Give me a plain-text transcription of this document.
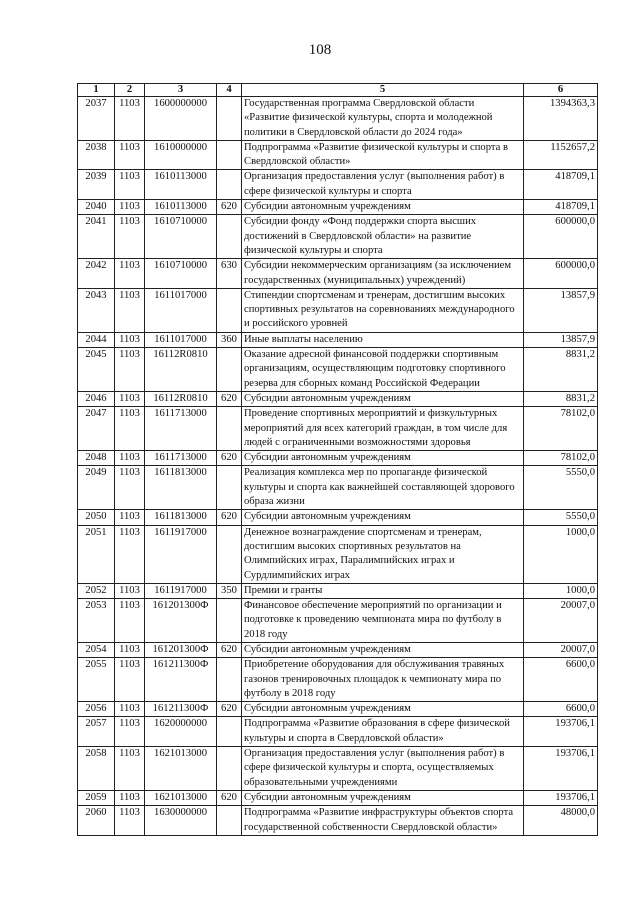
108
1	2	3	4	5	6
2037	1103	1600000000		Государственная программа Свердловской области «Развитие физической культуры, спорта и молодежной политики в Свердловской области до 2024 года»	1394363,3
2038	1103	1610000000		Подпрограмма «Развитие физической культуры и спорта в Свердловской области»	1152657,2
2039	1103	1610113000		Организация предоставления услуг (выполнения работ) в сфере физической культуры и спорта	418709,1
2040	1103	1610113000	620	Субсидии автономным учреждениям	418709,1
2041	1103	1610710000		Субсидии фонду «Фонд поддержки спорта высших достижений в Свердловской области» на развитие физической культуры и спорта	600000,0
2042	1103	1610710000	630	Субсидии некоммерческим организациям (за исключением государственных (муниципальных) учреждений)	600000,0
2043	1103	1611017000		Стипендии спортсменам и тренерам, достигшим высоких спортивных результатов на соревнованиях международного и российского уровней	13857,9
2044	1103	1611017000	360	Иные выплаты населению	13857,9
2045	1103	16112R0810		Оказание адресной финансовой поддержки спортивным организациям, осуществляющим подготовку спортивного резерва для сборных команд Российской Федерации	8831,2
2046	1103	16112R0810	620	Субсидии автономным учреждениям	8831,2
2047	1103	1611713000		Проведение спортивных мероприятий и физкультурных мероприятий для всех категорий граждан, в том числе для людей с ограниченными возможностями здоровья	78102,0
2048	1103	1611713000	620	Субсидии автономным учреждениям	78102,0
2049	1103	1611813000		Реализация комплекса мер по пропаганде физической культуры и спорта как важнейшей составляющей здорового образа жизни	5550,0
2050	1103	1611813000	620	Субсидии автономным учреждениям	5550,0
2051	1103	1611917000		Денежное вознаграждение спортсменам и тренерам, достигшим высоких спортивных результатов на Олимпийских играх, Паралимпийских играх и Сурдлимпийских играх	1000,0
2052	1103	1611917000	350	Премии и гранты	1000,0
2053	1103	161201300Ф		Финансовое обеспечение мероприятий по организации и подготовке к проведению чемпионата мира по футболу в 2018 году	20007,0
2054	1103	161201300Ф	620	Субсидии автономным учреждениям	20007,0
2055	1103	161211300Ф		Приобретение оборудования для обслуживания травяных газонов тренировочных площадок к чемпионату мира по футболу в 2018 году	6600,0
2056	1103	161211300Ф	620	Субсидии автономным учреждениям	6600,0
2057	1103	1620000000		Подпрограмма «Развитие образования в сфере физической культуры и спорта в Свердловской области»	193706,1
2058	1103	1621013000		Организация предоставления услуг (выполнения работ) в сфере физической культуры и спорта, осуществляемых образовательными учреждениями	193706,1
2059	1103	1621013000	620	Субсидии автономным учреждениям	193706,1
2060	1103	1630000000		Подпрограмма «Развитие инфраструктуры объектов спорта государственной собственности Свердловской области»	48000,0
